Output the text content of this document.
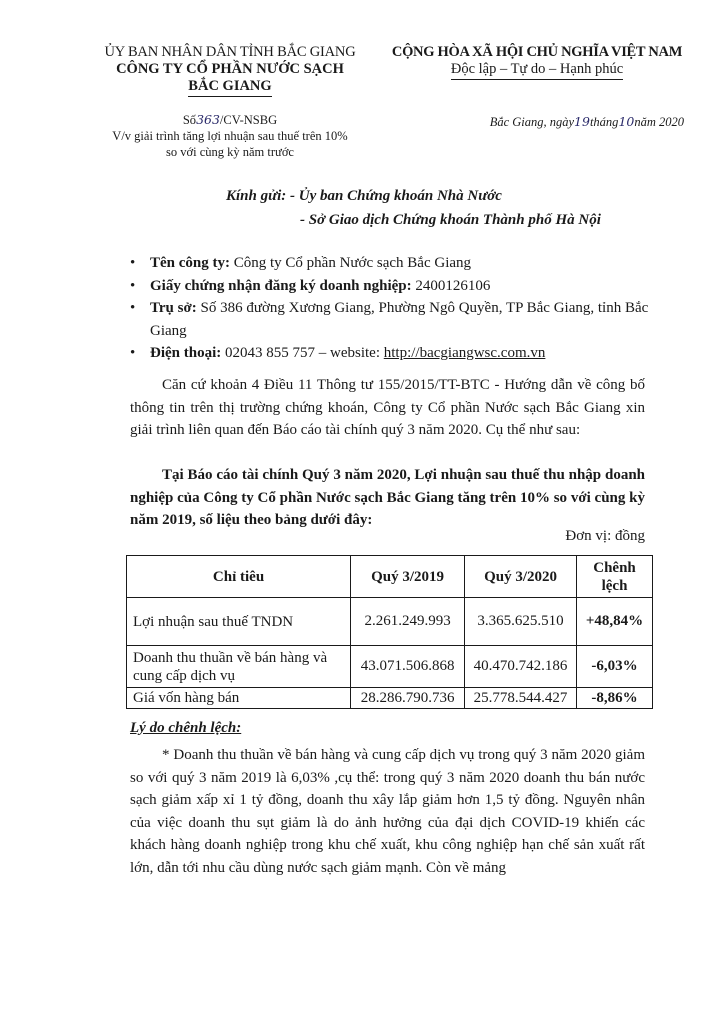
ỦY BAN NHÂN DÂN TỈNH BẮC GIANG
CÔNG TY CỔ PHẦN NƯỚC SẠCH
BẮC GIANG
CỘNG HÒA XÃ HỘI CHỦ NGHĨA VIỆT NAM
Độc lập – Tự do – Hạnh phúc
Số363/CV-NSBG
V/v giải trình tăng lợi nhuận sau thuế trên 10%
so với cùng kỳ năm trước
Bắc Giang, ngày19tháng10năm 2020
Kính gửi: - Ủy ban Chứng khoán Nhà Nước
- Sở Giao dịch Chứng khoán Thành phố Hà Nội
• Tên công ty: Công ty Cổ phần Nước sạch Bắc Giang
• Giấy chứng nhận đăng ký doanh nghiệp: 2400126106
• Trụ sở: Số 386 đường Xương Giang, Phường Ngô Quyền, TP Bắc Giang, tỉnh Bắc Giang
• Điện thoại: 02043 855 757 – website: http://bacgiangwsc.com.vn
Căn cứ khoản 4 Điều 11 Thông tư 155/2015/TT-BTC - Hướng dẫn về công bố thông tin trên thị trường chứng khoán, Công ty Cổ phần Nước sạch Bắc Giang xin giải trình liên quan đến Báo cáo tài chính quý 3 năm 2020. Cụ thể như sau:
Tại Báo cáo tài chính Quý 3 năm 2020, Lợi nhuận sau thuế thu nhập doanh nghiệp của Công ty Cổ phần Nước sạch Bắc Giang tăng trên 10% so với cùng kỳ năm 2019, số liệu theo bảng dưới đây:
Đơn vị: đồng
Chỉ tiêu	Quý 3/2019	Quý 3/2020	Chênh lệch
Lợi nhuận sau thuế TNDN	2.261.249.993	3.365.625.510	+48,84%
Doanh thu thuần về bán hàng và cung cấp dịch vụ	43.071.506.868	40.470.742.186	-6,03%
Giá vốn hàng bán	28.286.790.736	25.778.544.427	-8,86%
Lý do chênh lệch:
* Doanh thu thuần về bán hàng và cung cấp dịch vụ trong quý 3 năm 2020 giảm so với quý 3 năm 2019 là 6,03% ,cụ thể: trong quý 3 năm 2020 doanh thu bán nước sạch giảm xấp xỉ 1 tỷ đồng, doanh thu xây lắp giảm hơn 1,5 tỷ đồng. Nguyên nhân của việc doanh thu sụt giảm là do ảnh hưởng của đại dịch COVID-19 khiến các khách hàng doanh nghiệp trong khu chế xuất, khu công nghiệp hạn chế sản xuất rất lớn, dẫn tới nhu cầu dùng nước sạch giảm mạnh. Còn về mảng
